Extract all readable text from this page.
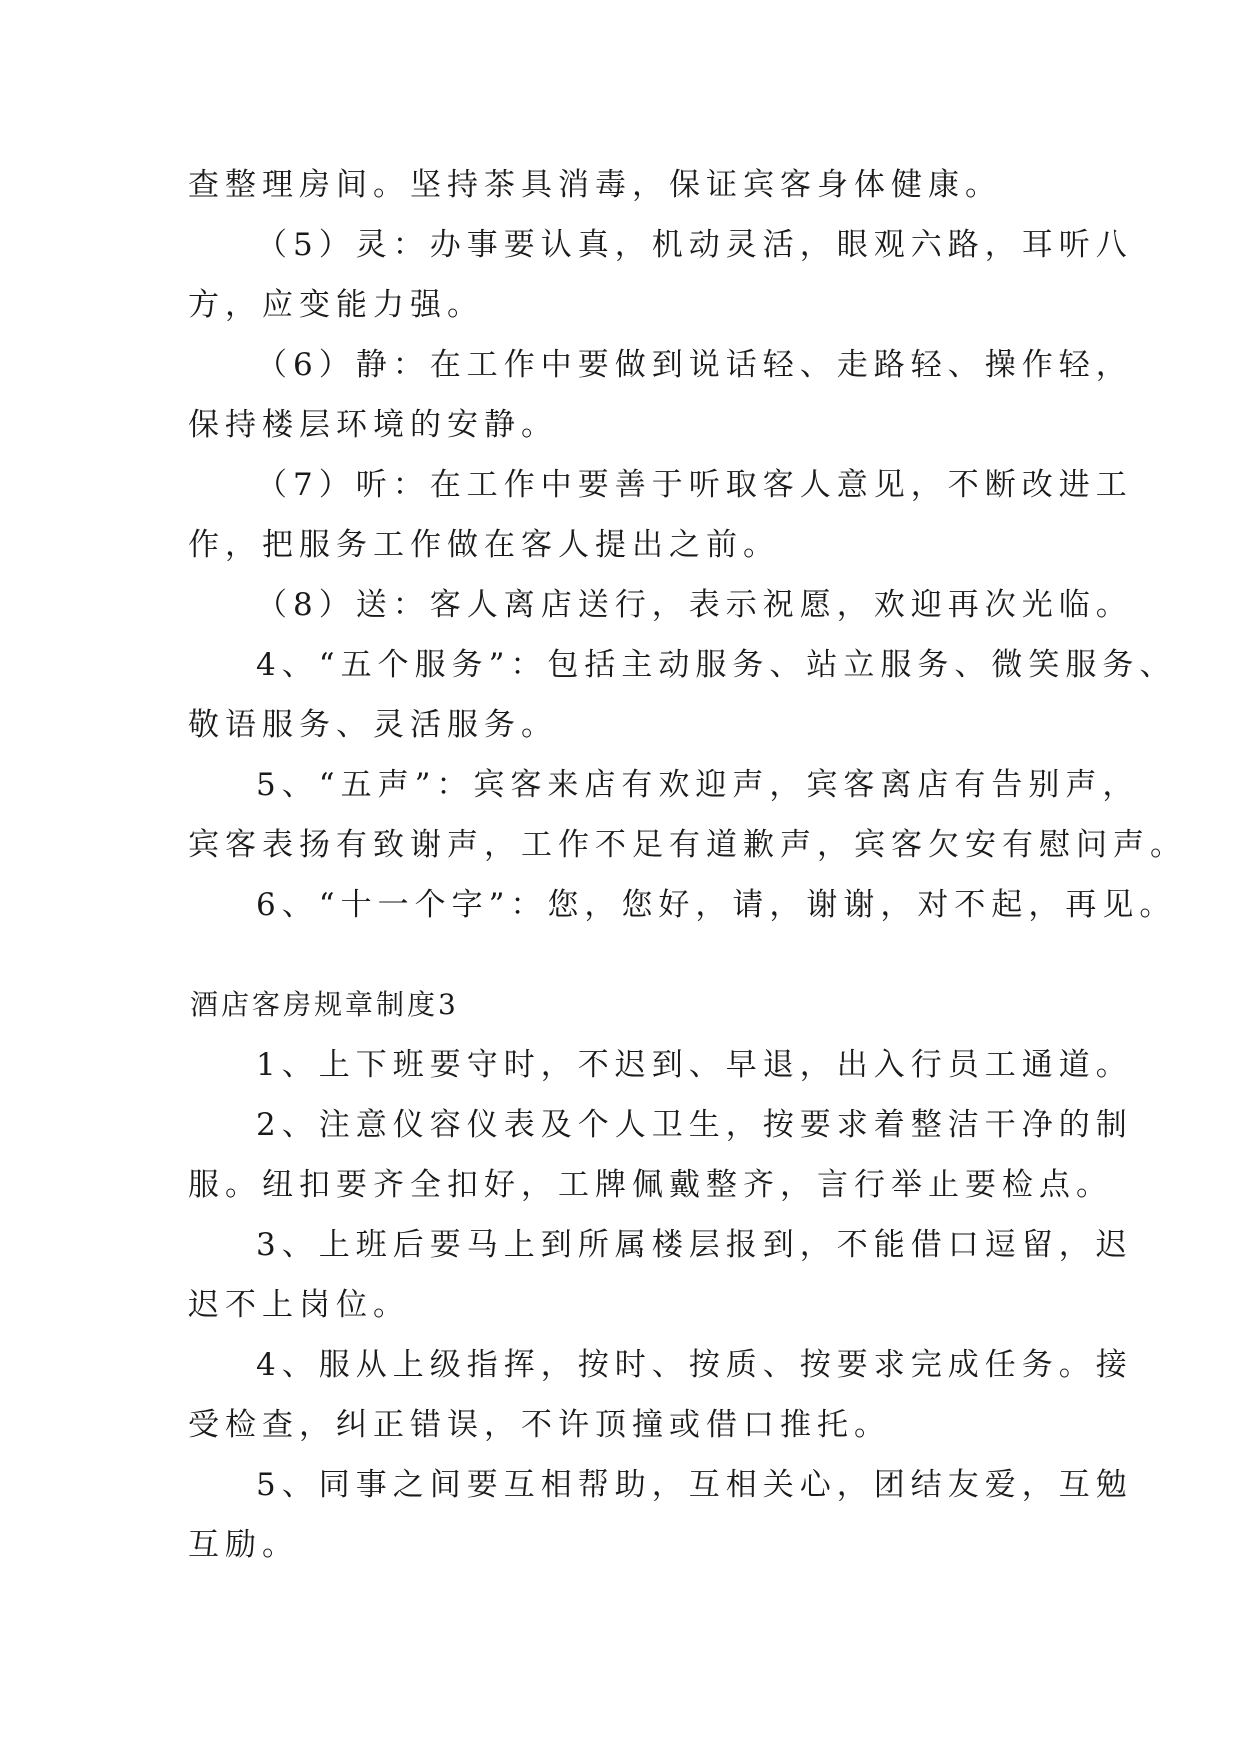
查整理房间。坚持茶具消毒，保证宾客身体健康。
（5）灵：办事要认真，机动灵活，眼观六路，耳听八
方，应变能力强。
（6）静：在工作中要做到说话轻、走路轻、操作轻，
保持楼层环境的安静。
（7）听：在工作中要善于听取客人意见，不断改进工
作，把服务工作做在客人提出之前。
（8）送：客人离店送行，表示祝愿，欢迎再次光临。
4、“五个服务”：包括主动服务、站立服务、微笑服务、
敬语服务、灵活服务。
5、“五声”：宾客来店有欢迎声，宾客离店有告别声，
宾客表扬有致谢声，工作不足有道歉声，宾客欠安有慰问声。
6、“十一个字”：您，您好，请，谢谢，对不起，再见。
酒店客房规章制度3
1、上下班要守时，不迟到、早退，出入行员工通道。
2、注意仪容仪表及个人卫生，按要求着整洁干净的制
服。纽扣要齐全扣好，工牌佩戴整齐，言行举止要检点。
3、上班后要马上到所属楼层报到，不能借口逗留，迟
迟不上岗位。
4、服从上级指挥，按时、按质、按要求完成任务。接
受检查，纠正错误，不许顶撞或借口推托。
5、同事之间要互相帮助，互相关心，团结友爱，互勉
互励。
